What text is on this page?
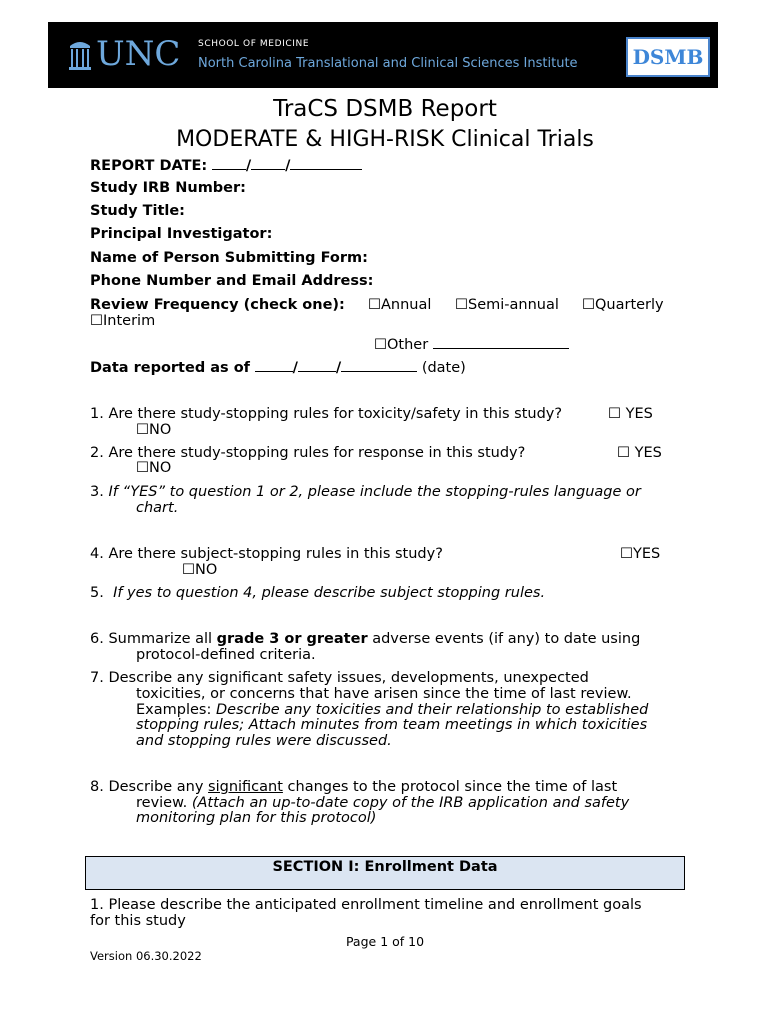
UNC SCHOOL OF MEDICINE
North Carolina Translational and Clinical Sciences Institute	DSMB
TraCS DSMB Report
MODERATE & HIGH-RISK Clinical Trials
REPORT DATE:	/ /
Study IRB Number:
Study Title:
Principal Investigator:
Name of Person Submitting Form:
Phone Number and Email Address:
Review Frequency (check one): ☐Annual ☐Semi-annual ☐Quarterly
☐Interim
☐Other
Data reported as of	/	/	(date)
1. Are there study-stopping rules for toxicity/safety in this study?	☐ YES
☐NO
2. Are there study-stopping rules for response in this study?	☐ YES
☐NO
3. If “YES” to question 1 or 2, please include the stopping-rules language or
chart.
4. Are there subject-stopping rules in this study?	☐YES
☐NO
5. If yes to question 4, please describe subject stopping rules.
6. Summarize all grade 3 or greater adverse events (if any) to date using
protocol-defined criteria.
7. Describe any significant safety issues, developments, unexpected
toxicities, or concerns that have arisen since the time of last review.
Examples: Describe any toxicities and their relationship to established
stopping rules; Attach minutes from team meetings in which toxicities
and stopping rules were discussed.
8. Describe any significant changes to the protocol since the time of last
review. (Attach an up-to-date copy of the IRB application and safety
monitoring plan for this protocol)
SECTION I: Enrollment Data
1. Please describe the anticipated enrollment timeline and enrollment goals
for this study
Page 1 of 10
Version 06.30.2022
